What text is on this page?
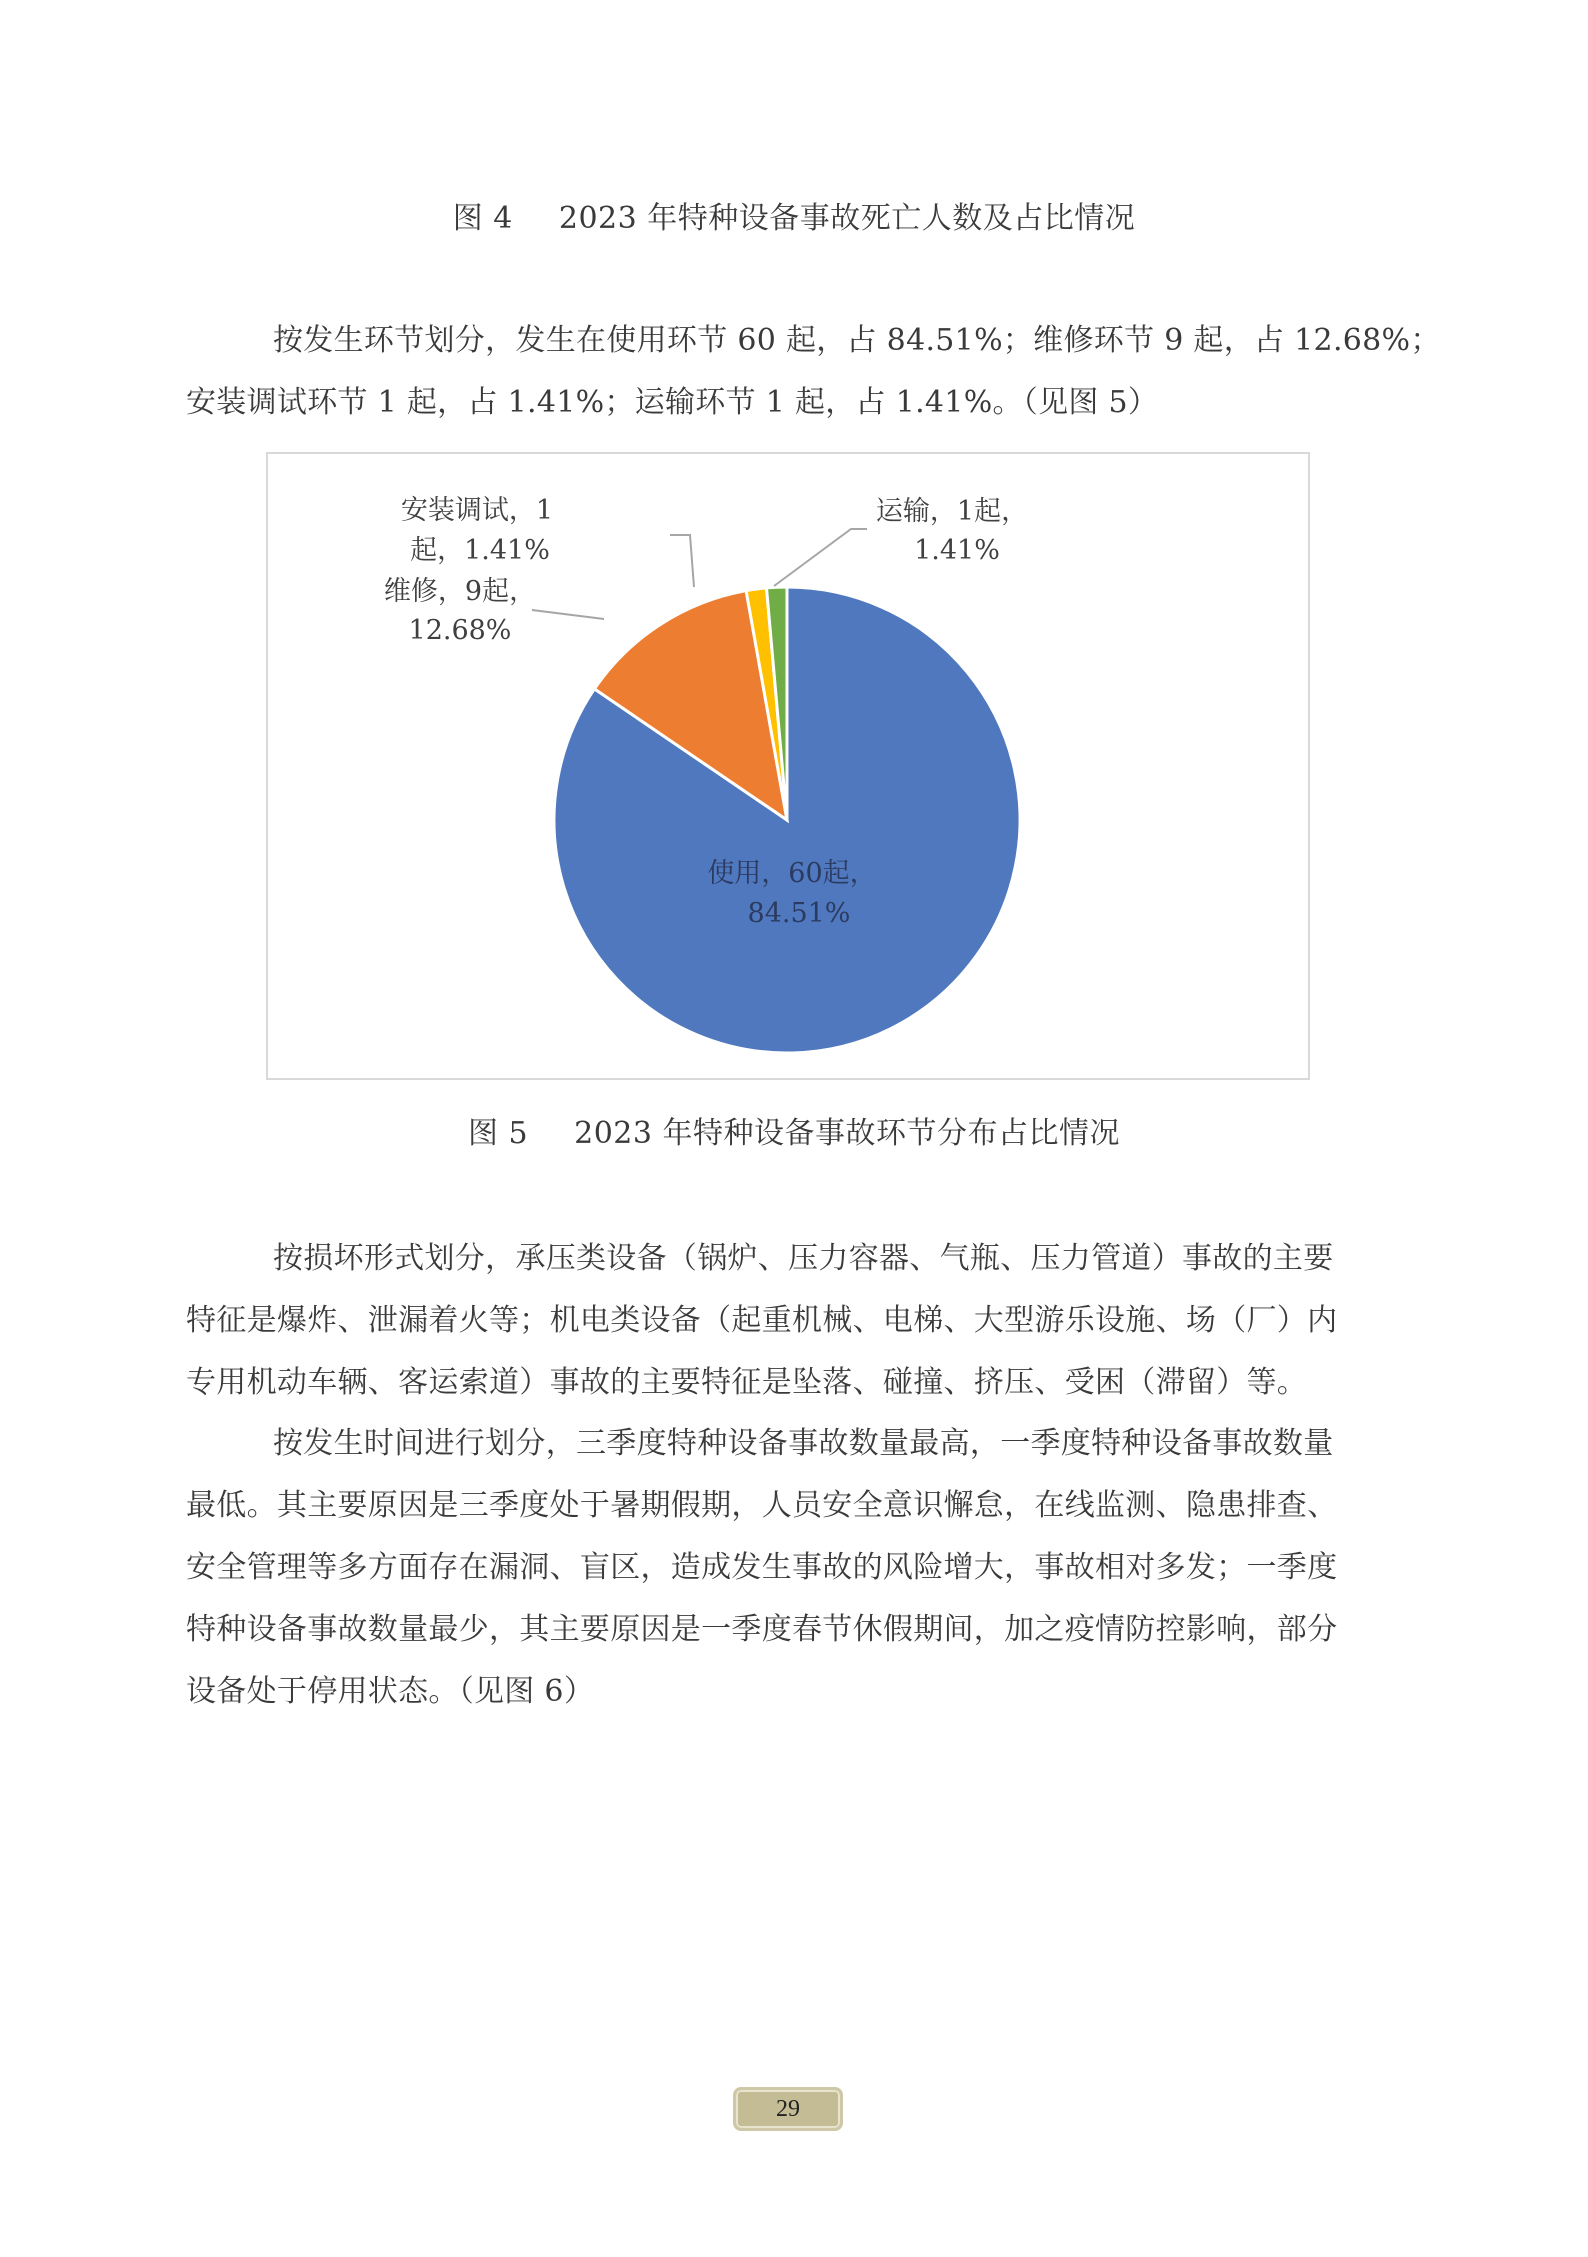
图 4 2023 年特种设备事故死亡人数及占比情况
按发生环节划分，发生在使用环节 60 起，占 84.51%；维修环节 9 起，占 12.68%；
安装调试环节 1 起，占 1.41%；运输环节 1 起，占 1.41%。（见图 5）
安装调试，1
起，1.41%
维修，9起，
12.68%
运输，1起，
1.41%
使用，60起，
84.51%
图 5 2023 年特种设备事故环节分布占比情况
按损坏形式划分，承压类设备（锅炉、压力容器、气瓶、压力管道）事故的主要
特征是爆炸、泄漏着火等；机电类设备（起重机械、电梯、大型游乐设施、场（厂）内
专用机动车辆、客运索道）事故的主要特征是坠落、碰撞、挤压、受困（滞留）等。
按发生时间进行划分，三季度特种设备事故数量最高，一季度特种设备事故数量
最低。其主要原因是三季度处于暑期假期，人员安全意识懈怠，在线监测、隐患排查、
安全管理等多方面存在漏洞、盲区，造成发生事故的风险增大，事故相对多发；一季度
特种设备事故数量最少，其主要原因是一季度春节休假期间，加之疫情防控影响，部分
设备处于停用状态。（见图 6）
29
